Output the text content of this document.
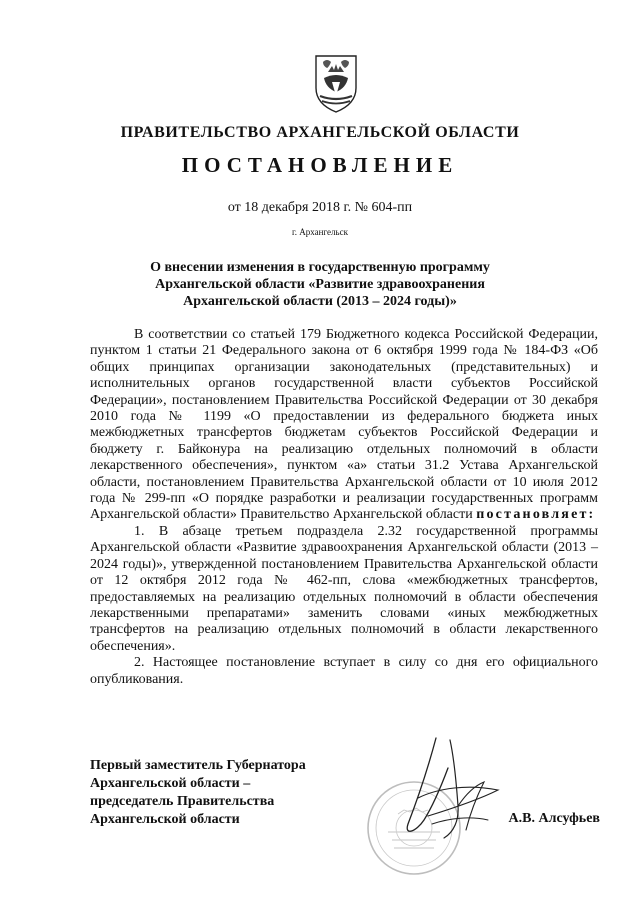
ПРАВИТЕЛЬСТВО АРХАНГЕЛЬСКОЙ ОБЛАСТИ
ПОСТАНОВЛЕНИЕ
от 18 декабря 2018 г. № 604-пп
г. Архангельск
О внесении изменения в государственную программу
Архангельской области «Развитие здравоохранения
Архангельской области (2013 – 2024 годы)»

В соответствии со статьей 179 Бюджетного кодекса Российской Федерации, пунктом 1 статьи 21 Федерального закона от 6 октября 1999 года № 184-ФЗ «Об общих принципах организации законодательных (представительных) и исполнительных органов государственной власти субъектов Российской Федерации», постановлением Правительства Российской Федерации от 30 декабря 2010 года № 1199 «О предоставлении из федерального бюджета иных межбюджетных трансфертов бюджетам субъектов Российской Федерации и бюджету г. Байконура на реализацию отдельных полномочий в области лекарственного обеспечения», пунктом «а» статьи 31.2 Устава Архангельской области, постановлением Правительства Архангельской области от 10 июля 2012 года № 299-пп «О порядке разработки и реализации государственных программ Архангельской области» Правительство Архангельской области постановляет:

1. В абзаце третьем подраздела 2.32 государственной программы Архангельской области «Развитие здравоохранения Архангельской области (2013 – 2024 годы)», утвержденной постановлением Правительства Архангельской области от 12 октября 2012 года № 462-пп, слова «межбюджетных трансфертов, предоставляемых на реализацию отдельных полномочий в области обеспечения лекарственными препаратами» заменить словами «иных межбюджетных трансфертов на реализацию отдельных полномочий в области лекарственного обеспечения».

2. Настоящее постановление вступает в силу со дня его официального опубликования.

Первый заместитель Губернатора
Архангельской области –
председатель Правительства
Архангельской области	А.В. Алсуфьев
